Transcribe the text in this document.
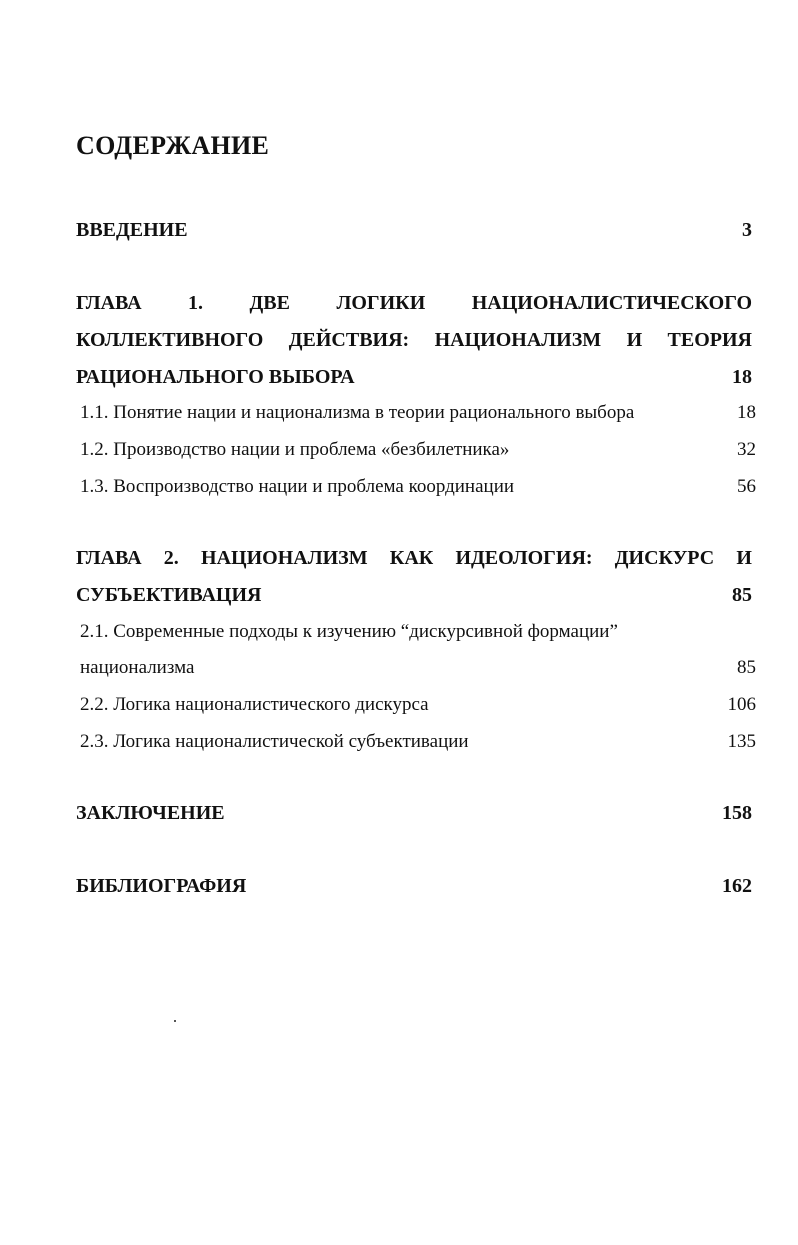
СОДЕРЖАНИЕ
ВВЕДЕНИЕ	3
ГЛАВА 1. ДВЕ ЛОГИКИ НАЦИОНАЛИСТИЧЕСКОГО
КОЛЛЕКТИВНОГО ДЕЙСТВИЯ: НАЦИОНАЛИЗМ И ТЕОРИЯ
РАЦИОНАЛЬНОГО ВЫБОРА	18
1.1. Понятие нации и национализма в теории рационального выбора	18
1.2. Производство нации и проблема «безбилетника»	32
1.3. Воспроизводство нации и проблема координации	56
ГЛАВА 2. НАЦИОНАЛИЗМ КАК ИДЕОЛОГИЯ: ДИСКУРС И
СУБЪЕКТИВАЦИЯ	85
2.1. Современные подходы к изучению “дискурсивной формации”
национализма	85
2.2. Логика националистического дискурса	106
2.3. Логика националистической субъективации	135
ЗАКЛЮЧЕНИЕ	158
БИБЛИОГРАФИЯ	162
